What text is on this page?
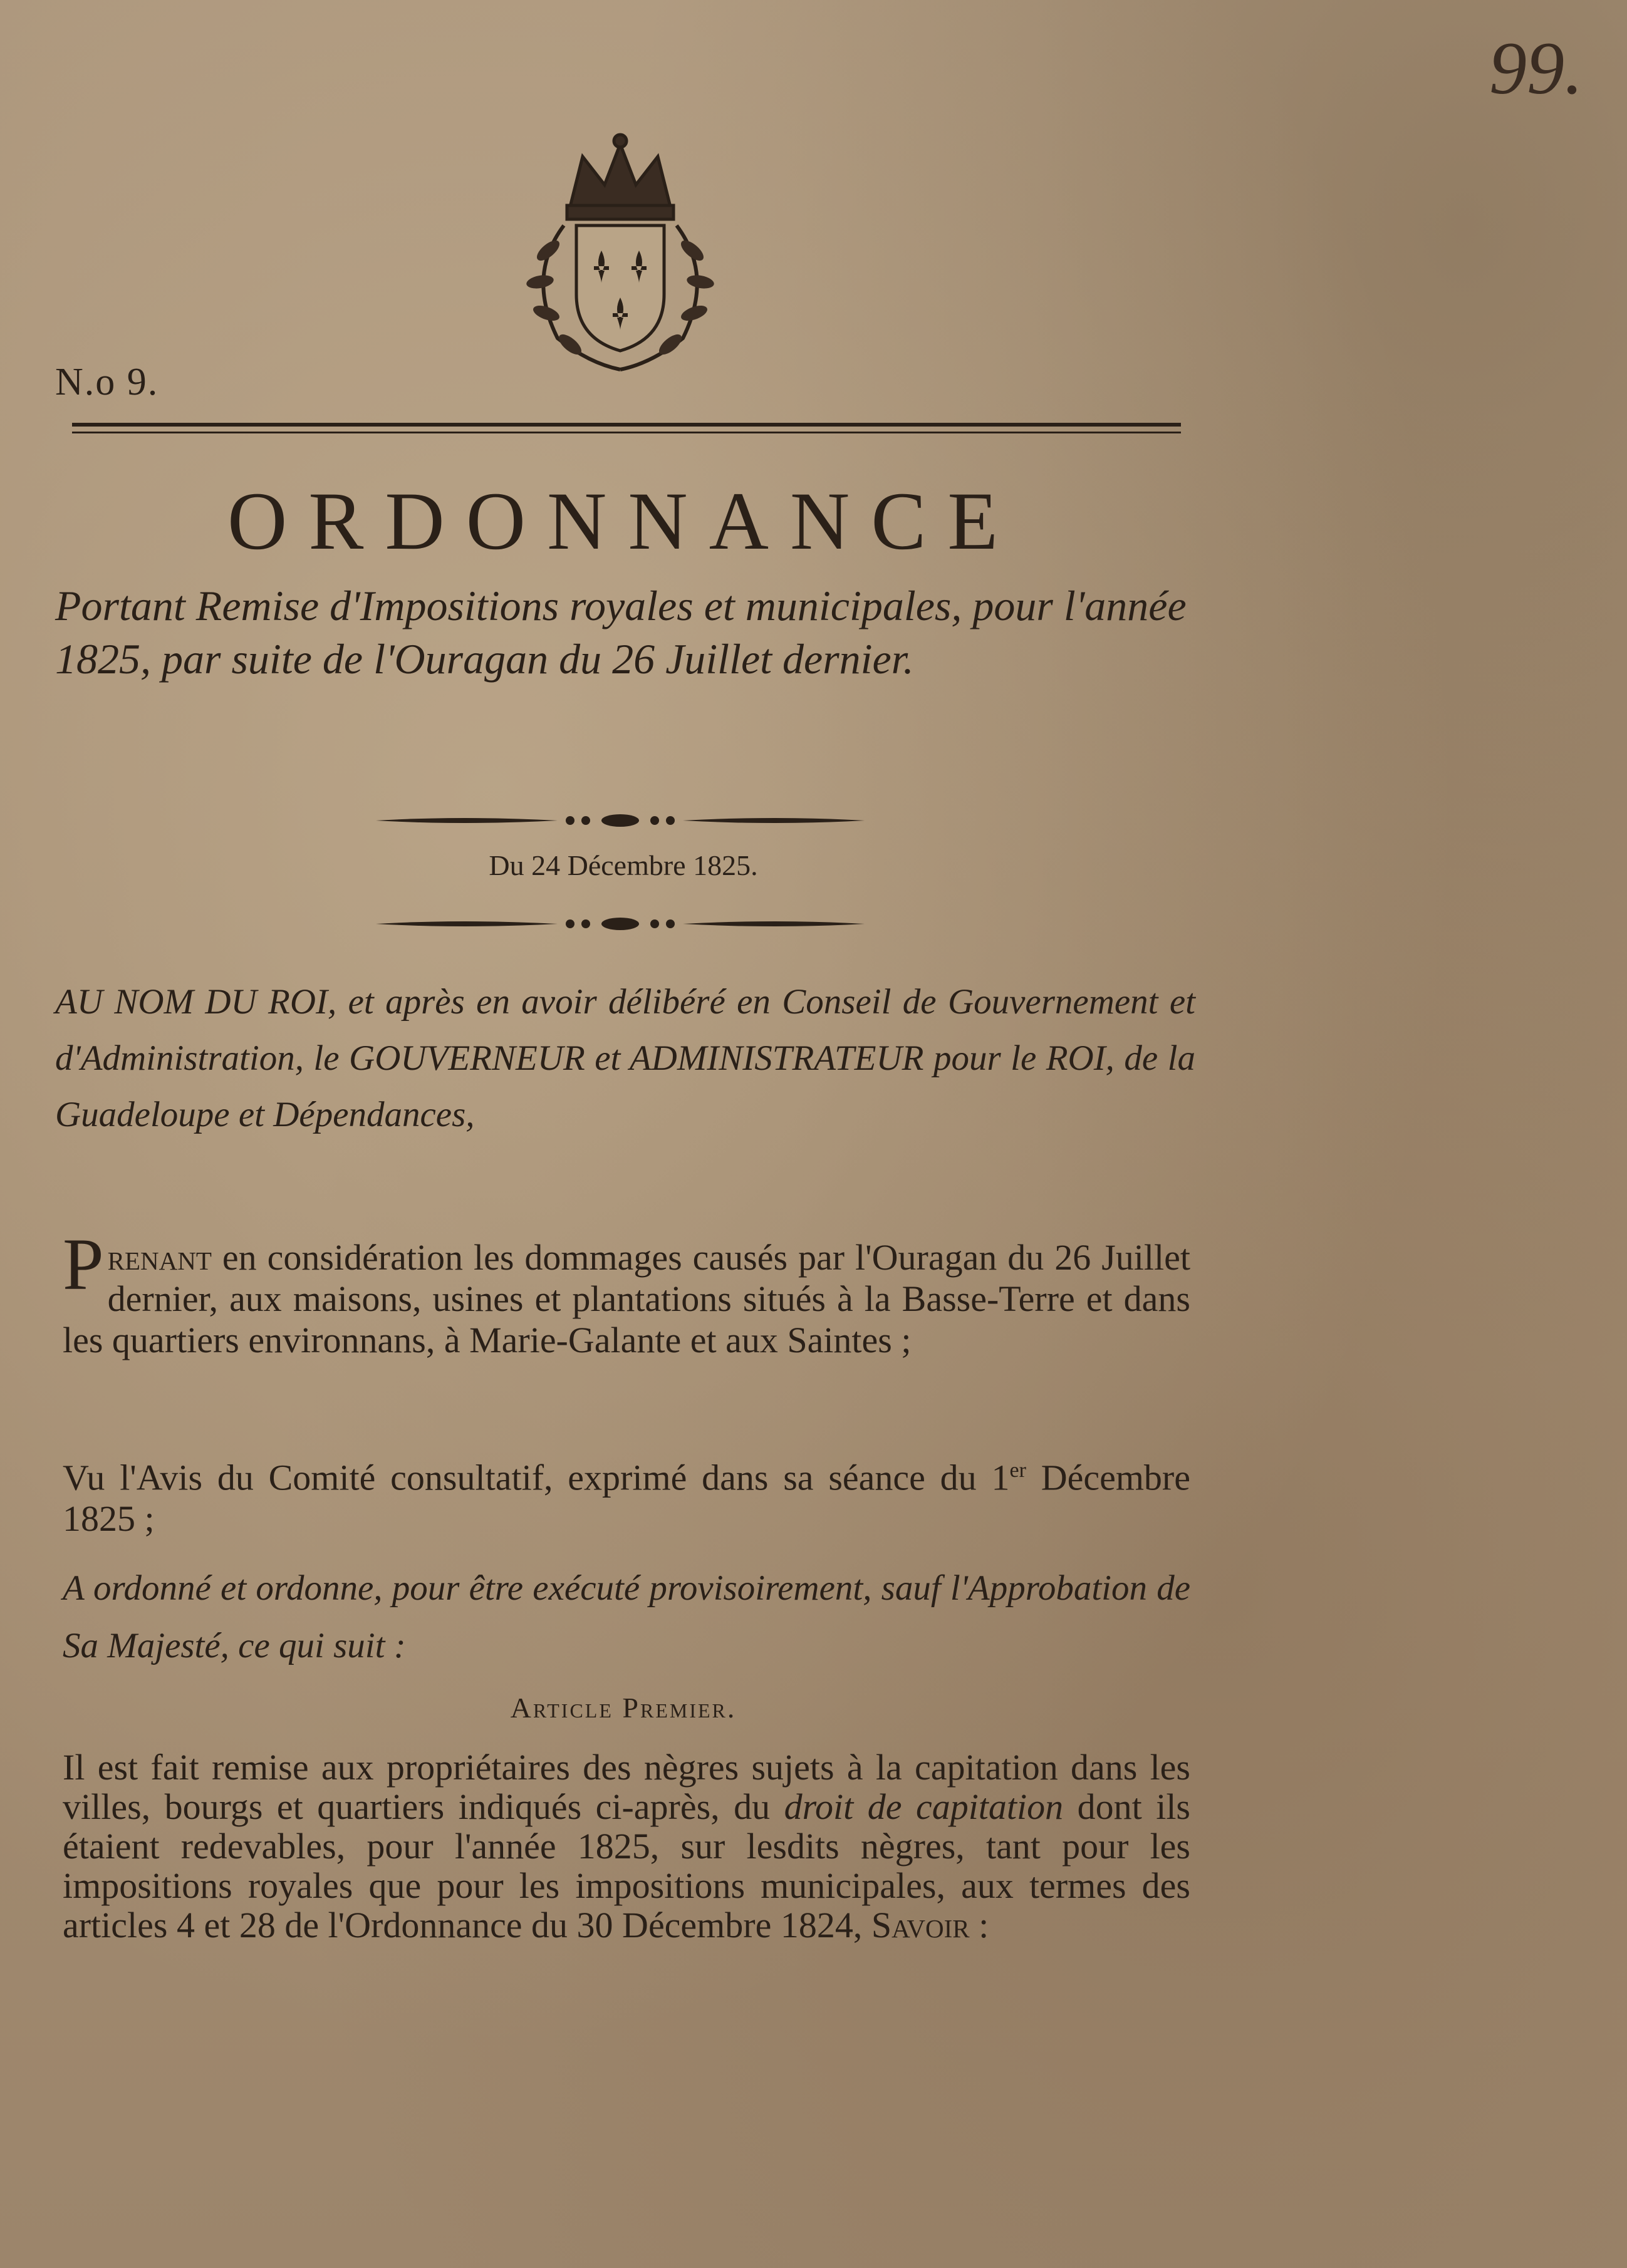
99.
N.o 9.
ORDONNANCE
Portant Remise d'Impositions royales et municipales, pour l'année 1825, par suite de l'Ouragan du 26 Juillet dernier.
Du 24 Décembre 1825.
AU NOM DU ROI, et après en avoir délibéré en Conseil de Gouvernement et d'Administration, le GOUVERNEUR et ADMINISTRATEUR pour le ROI, de la Guadeloupe et Dépendances,
Prenant en considération les dommages causés par l'Ouragan du 26 Juillet dernier, aux maisons, usines et plantations situés à la Basse-Terre et dans les quartiers environnans, à Marie-Galante et aux Saintes ;
Vu l'Avis du Comité consultatif, exprimé dans sa séance du 1er Décembre 1825 ;
A ordonné et ordonne, pour être exécuté provisoirement, sauf l'Approbation de Sa Majesté, ce qui suit :
Article Premier.
Il est fait remise aux propriétaires des nègres sujets à la capitation dans les villes, bourgs et quartiers indiqués ci-après, du droit de capitation dont ils étaient redevables, pour l'année 1825, sur lesdits nègres, tant pour les impositions royales que pour les impositions municipales, aux termes des articles 4 et 28 de l'Ordonnance du 30 Décembre 1824, Savoir :
